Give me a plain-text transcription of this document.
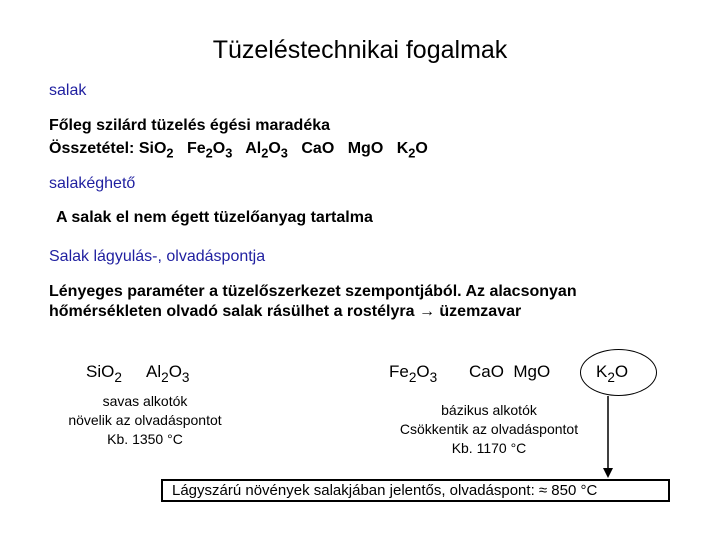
Tüzeléstechnikai fogalmak
salak
Főleg szilárd tüzelés égési maradéka
Összetétel: SiO$_2$ $Fe_2O_3$ $Al_2O_3$ CaO MgO $K_2O$
salakéghető
A salak el nem égett tüzelőanyag tartalma
Salak lágyulás-, olvadáspontja
Lényeges paraméter a tüzelőszerkezet szempontjából. Az alacsonyan
hőmérsékleten olvadó salak rásülhet a rostélyra → üzemzavar
SiO$_2$ $Al_2O_3$
savas alkotók
növelik az olvadáspontot
Kb. 1350 °C
$Fe_2O_3$ CaO  MgO	$K_2O$
bázikus alkotók
Csökkentik az olvadáspontot
Kb. 1170 °C
Lágyszárú növények salakjában jelentős, olvadáspont: ≈ 850 °C
